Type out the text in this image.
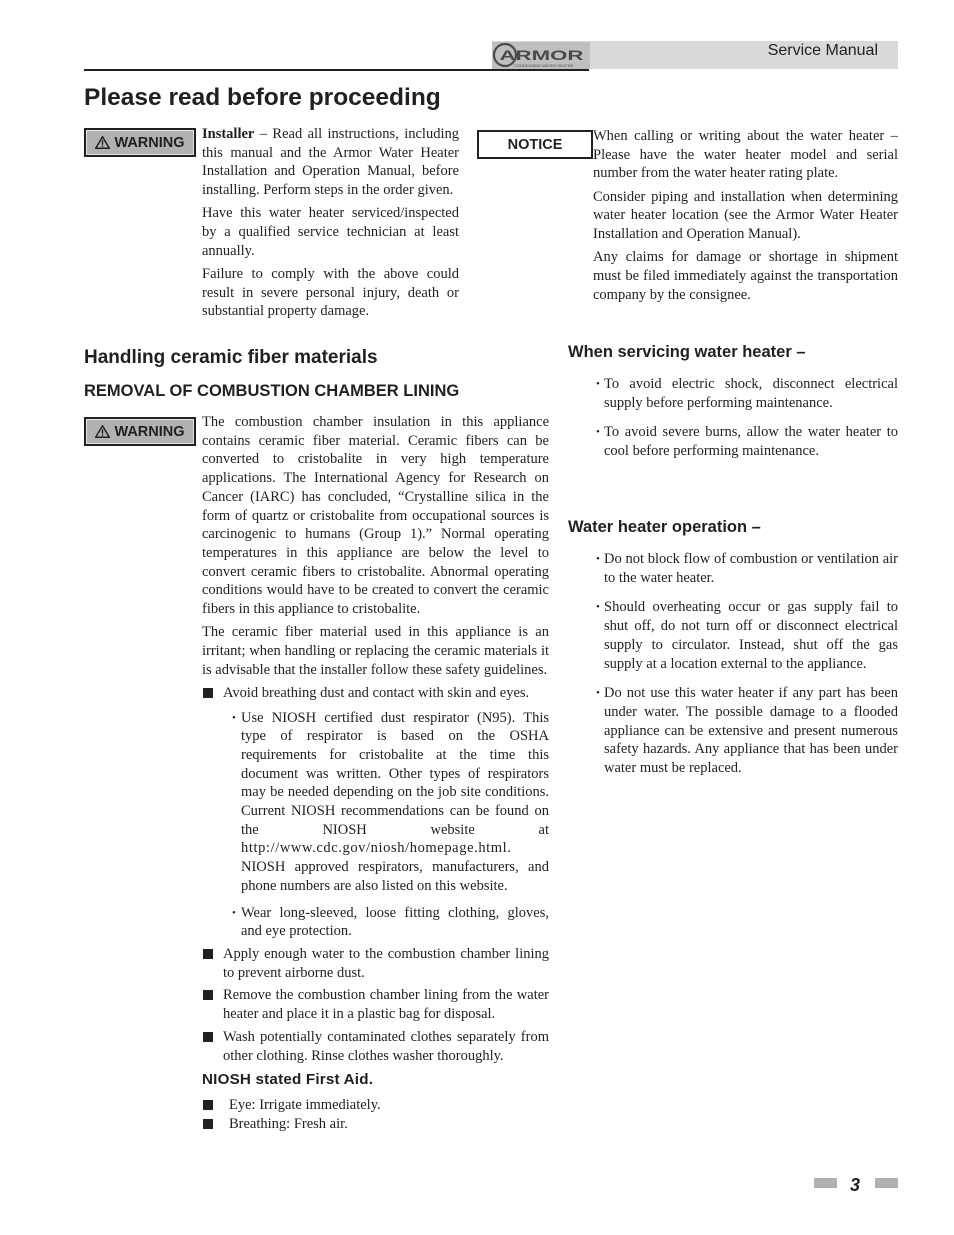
ARMOR
CONDENSING WATER HEATER
Service Manual
Please read before proceeding
WARNING

Installer – Read all instructions, including this manual and the Armor Water Heater Installation and Operation Manual, before installing. Perform steps in the order given.

Have this water heater serviced/inspected by a qualified service technician at least annually.

Failure to comply with the above could result in severe personal injury, death or substantial property damage.

NOTICE

When calling or writing about the water heater – Please have the water heater model and serial number from the water heater rating plate.

Consider piping and installation when determining water heater location (see the Armor Water Heater Installation and Operation Manual).

Any claims for damage or shortage in shipment must be filed immediately against the transportation company by the consignee.

Handling ceramic fiber materials
REMOVAL OF COMBUSTION CHAMBER LINING
WARNING

The combustion chamber insulation in this appliance contains ceramic fiber material. Ceramic fibers can be converted to cristobalite in very high temperature applications. The International Agency for Research on Cancer (IARC) has concluded, “Crystalline silica in the form of quartz or cristobalite from occupational sources is carcinogenic to humans (Group 1).” Normal operating temperatures in this appliance are below the level to convert ceramic fibers to cristobalite. Abnormal operating conditions would have to be created to convert the ceramic fibers in this appliance to cristobalite.

The ceramic fiber material used in this appliance is an irritant; when handling or replacing the ceramic materials it is advisable that the installer follow these safety guidelines.

Avoid breathing dust and contact with skin and eyes.
• Use NIOSH certified dust respirator (N95). This type of respirator is based on the OSHA requirements for cristobalite at the time this document was written. Other types of respirators may be needed depending on the job site conditions. Current NIOSH recommendations can be found on the NIOSH website at http://www.cdc.gov/niosh/homepage.html. NIOSH approved respirators, manufacturers, and phone numbers are also listed on this website.
• Wear long-sleeved, loose fitting clothing, gloves, and eye protection.
Apply enough water to the combustion chamber lining to prevent airborne dust.
Remove the combustion chamber lining from the water heater and place it in a plastic bag for disposal.
Wash potentially contaminated clothes separately from other clothing. Rinse clothes washer thoroughly.
NIOSH stated First Aid.
Eye: Irrigate immediately.
Breathing: Fresh air.
When servicing water heater –
• To avoid electric shock, disconnect electrical supply before performing maintenance.
• To avoid severe burns, allow the water heater to cool before performing maintenance.
Water heater operation –
• Do not block flow of combustion or ventilation air to the water heater.
• Should overheating occur or gas supply fail to shut off, do not turn off or disconnect electrical supply to circulator. Instead, shut off the gas supply at a location external to the appliance.
• Do not use this water heater if any part has been under water. The possible damage to a flooded appliance can be extensive and present numerous safety hazards. Any appliance that has been under water must be replaced.
3
